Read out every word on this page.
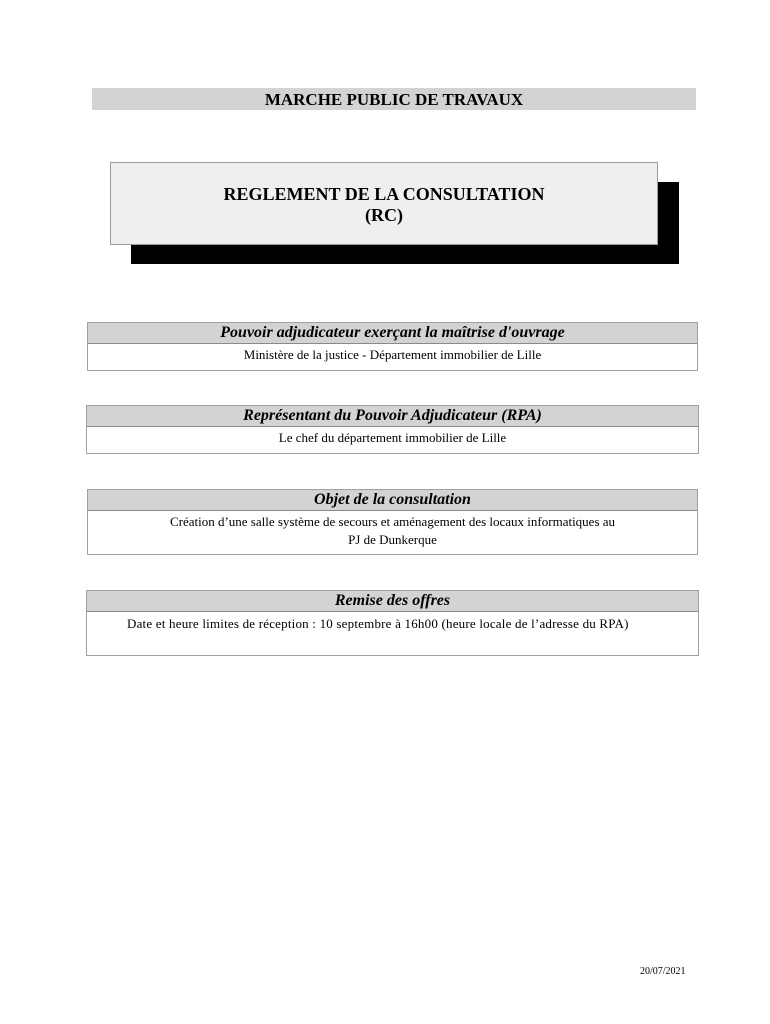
MARCHE PUBLIC DE TRAVAUX
REGLEMENT DE LA CONSULTATION
(RC)
Pouvoir adjudicateur exerçant la maîtrise d'ouvrage
Ministère de la justice - Département immobilier de Lille
Représentant du Pouvoir Adjudicateur (RPA)
Le chef du département immobilier de Lille
Objet de la consultation
Création d’une salle système de secours et aménagement des locaux informatiques au
PJ de Dunkerque
Remise des offres
Date et heure limites de réception : 10 septembre à 16h00 (heure locale de l’adresse du RPA)
20/07/2021
